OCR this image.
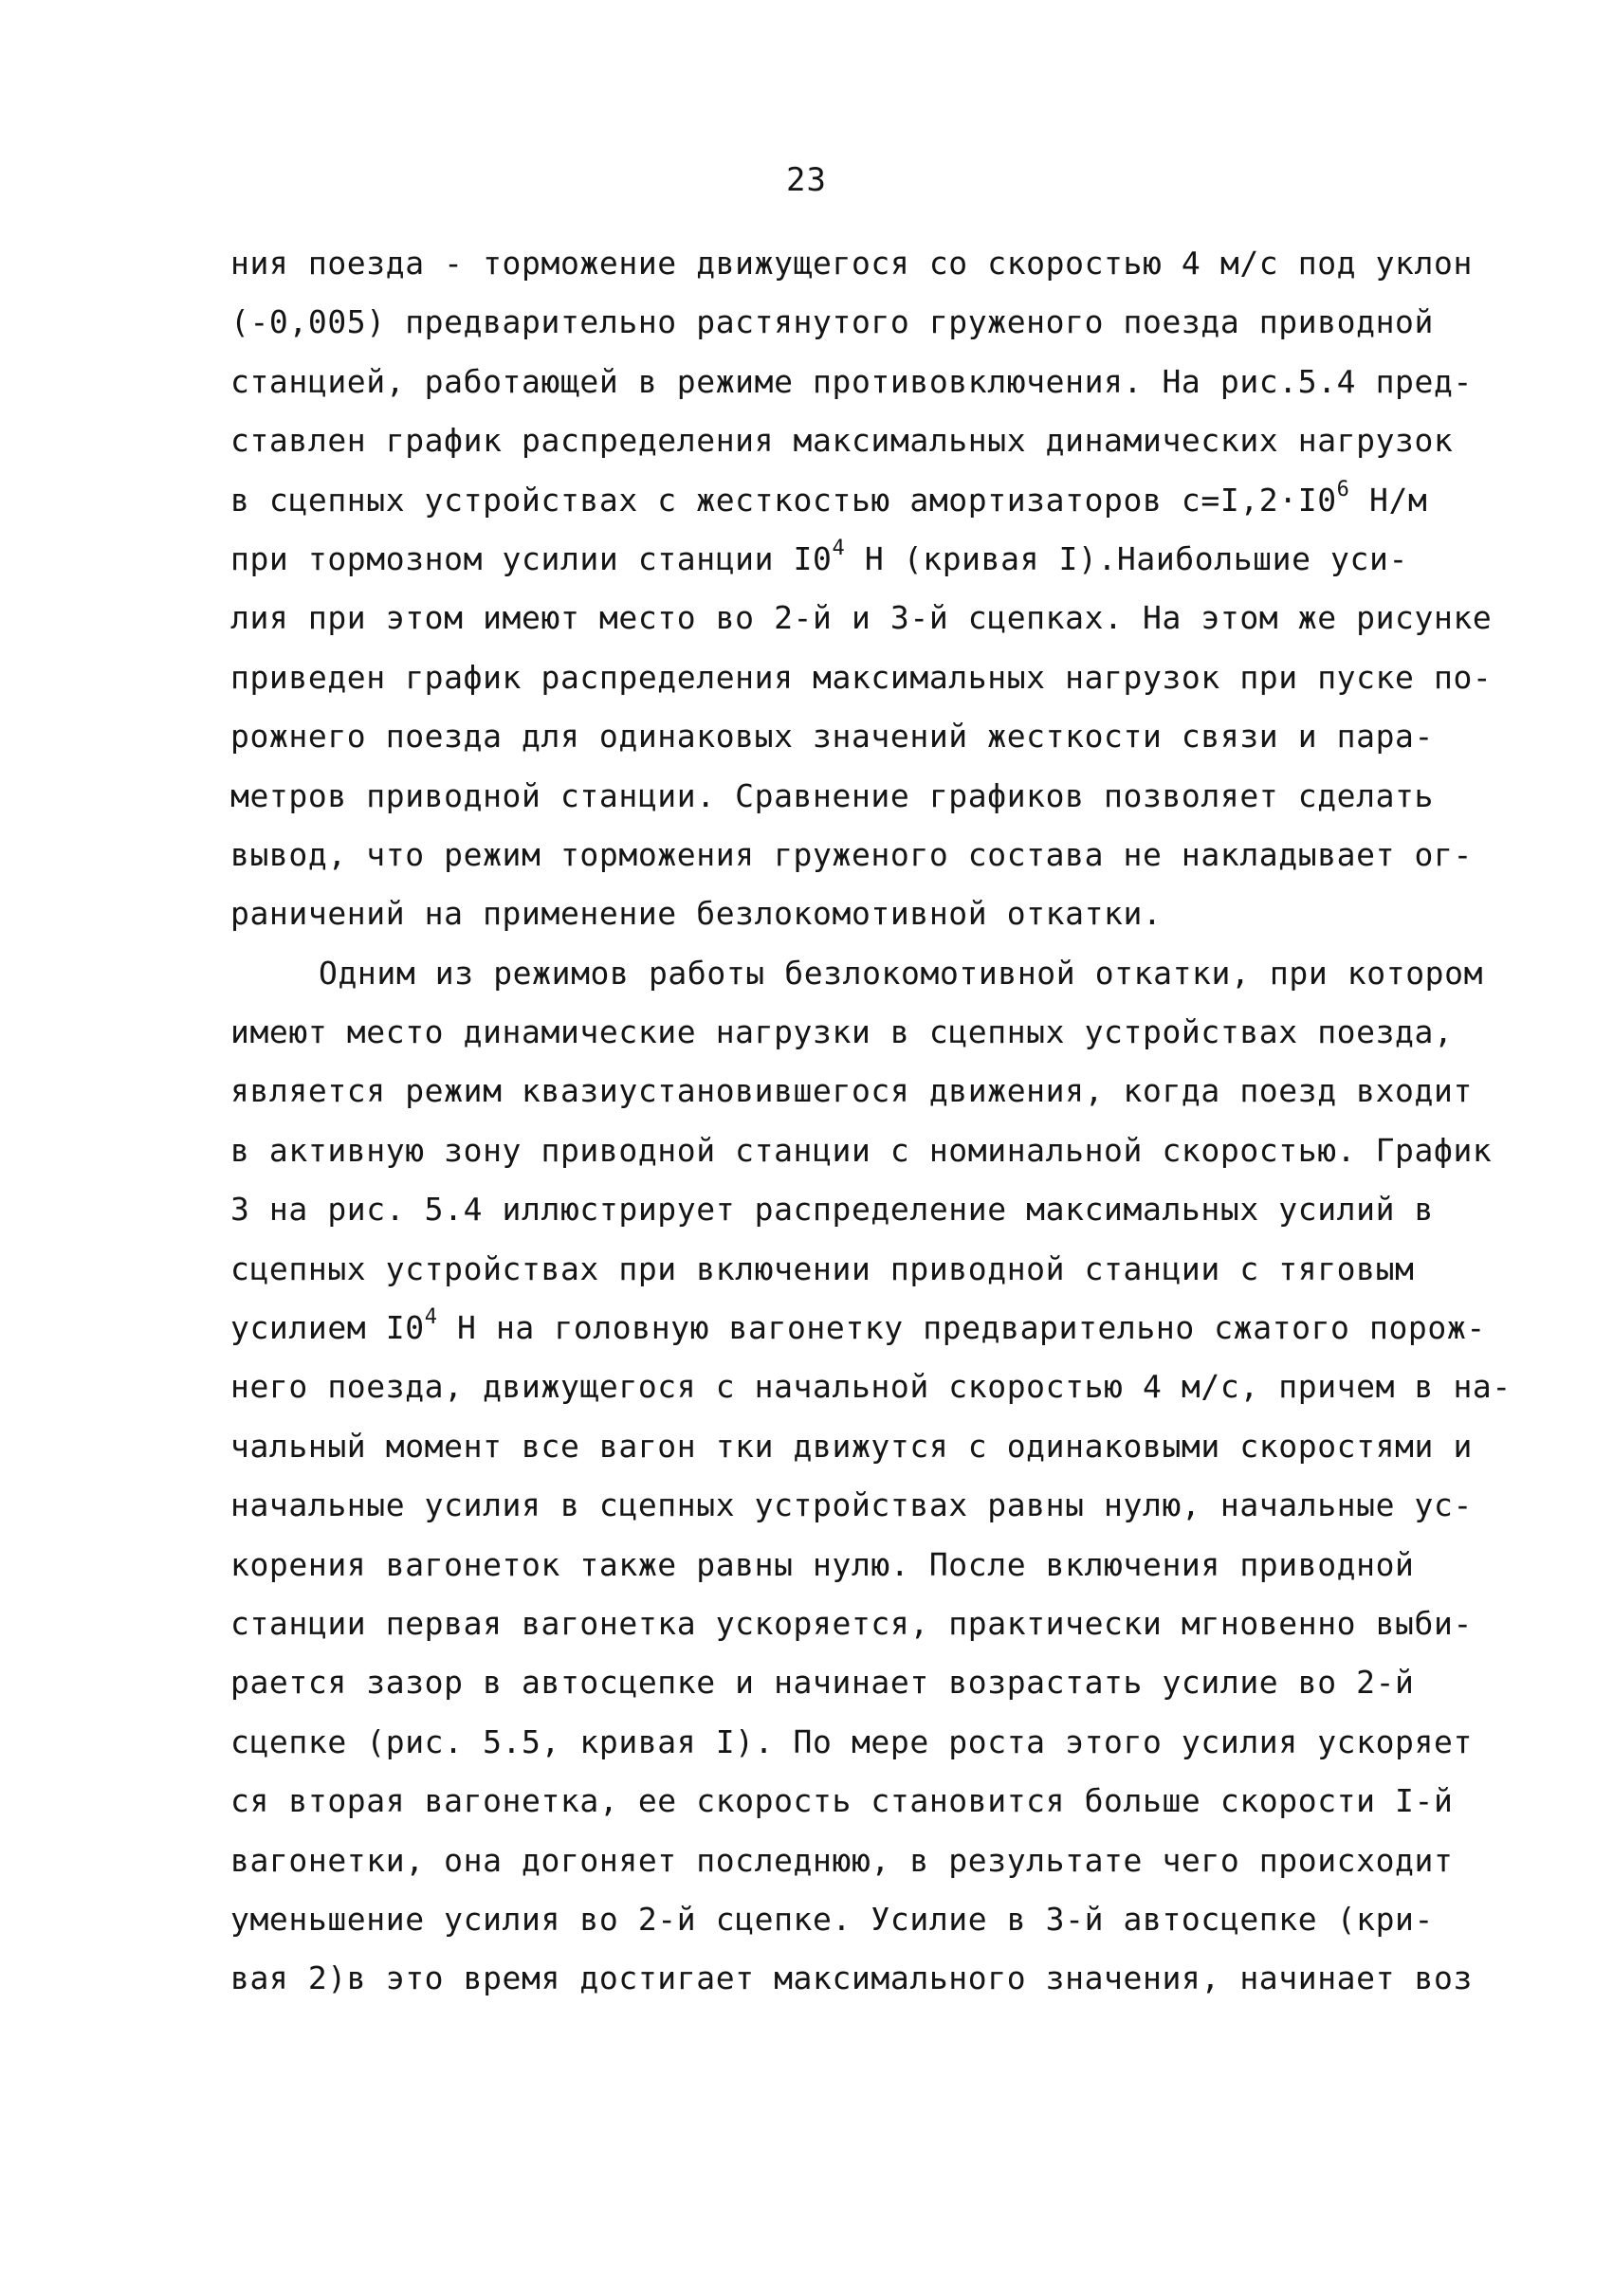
23
ния поезда - торможение движущегося со скоростью 4 м/с под уклон
(-0,005) предварительно растянутого груженого поезда приводной
станцией, работающей в режиме противовключения. На рис.5.4 пред-
ставлен график распределения максимальных динамических нагрузок
в сцепных устройствах с жесткостью амортизаторов $с=I,2\cdot I0^6$ Н/м
при тормозном усилии станции $I0^4$ Н (кривая I).Наибольшие уси-
лия при этом имеют место во 2-й и 3-й сцепках. На этом же рисунке
приведен график распределения максимальных нагрузок при пуске по-
рожнего поезда для одинаковых значений жесткости связи и пара-
метров приводной станции. Сравнение графиков позволяет сделать
вывод, что режим торможения груженого состава не накладывает ог-
раничений на применение безлокомотивной откатки.
Одним из режимов работы безлокомотивной откатки, при котором
имеют место динамические нагрузки в сцепных устройствах поезда,
является режим квазиустановившегося движения, когда поезд входит
в активную зону приводной станции с номинальной скоростью. График
3 на рис. 5.4 иллюстрирует распределение максимальных усилий в
сцепных устройствах при включении приводной станции с тяговым
усилием $I0^4$ Н на головную вагонетку предварительно сжатого порож-
него поезда, движущегося с начальной скоростью 4 м/с, причем в на-
чальный момент все вагон тки движутся с одинаковыми скоростями и
начальные усилия в сцепных устройствах равны нулю, начальные ус-
корения вагонеток также равны нулю. После включения приводной
станции первая вагонетка ускоряется, практически мгновенно выби-
рается зазор в автосцепке и начинает возрастать усилие во 2-й
сцепке (рис. 5.5, кривая I). По мере роста этого усилия ускоряет
ся вторая вагонетка, ее скорость становится больше скорости I-й
вагонетки, она догоняет последнюю, в результате чего происходит
уменьшение усилия во 2-й сцепке. Усилие в 3-й автосцепке (кри-
вая 2)в это время достигает максимального значения, начинает воз
